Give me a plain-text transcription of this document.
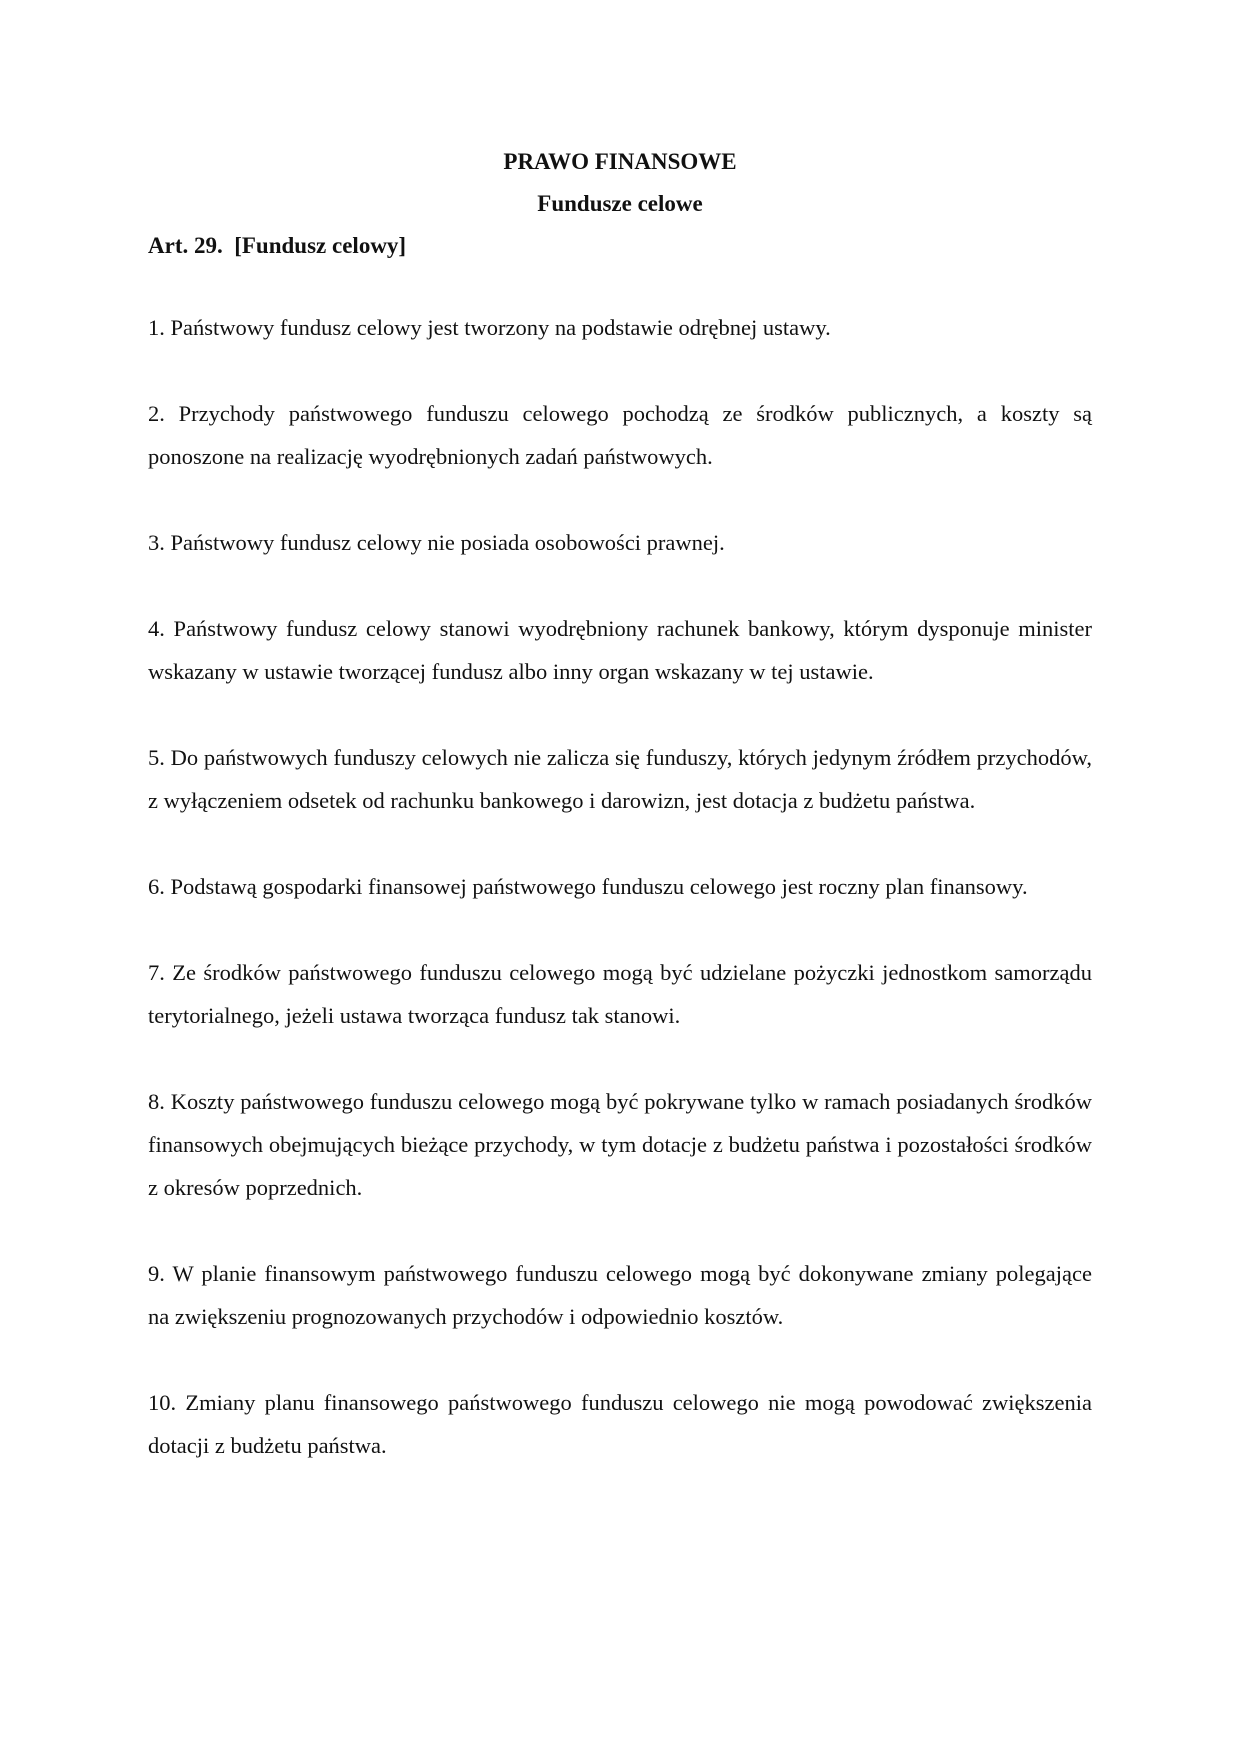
PRAWO FINANSOWE
Fundusze celowe
Art. 29.  [Fundusz celowy]

1. Państwowy fundusz celowy jest tworzony na podstawie odrębnej ustawy.

2. Przychody państwowego funduszu celowego pochodzą ze środków publicznych, a koszty są ponoszone na realizację wyodrębnionych zadań państwowych.

3. Państwowy fundusz celowy nie posiada osobowości prawnej.

4. Państwowy fundusz celowy stanowi wyodrębniony rachunek bankowy, którym dysponuje minister wskazany w ustawie tworzącej fundusz albo inny organ wskazany w tej ustawie.

5. Do państwowych funduszy celowych nie zalicza się funduszy, których jedynym źródłem przychodów, z wyłączeniem odsetek od rachunku bankowego i darowizn, jest dotacja z budżetu państwa.

6. Podstawą gospodarki finansowej państwowego funduszu celowego jest roczny plan finansowy.

7. Ze środków państwowego funduszu celowego mogą być udzielane pożyczki jednostkom samorządu terytorialnego, jeżeli ustawa tworząca fundusz tak stanowi.

8. Koszty państwowego funduszu celowego mogą być pokrywane tylko w ramach posiadanych środków finansowych obejmujących bieżące przychody, w tym dotacje z budżetu państwa i pozostałości środków z okresów poprzednich.

9. W planie finansowym państwowego funduszu celowego mogą być dokonywane zmiany polegające na zwiększeniu prognozowanych przychodów i odpowiednio kosztów.

10. Zmiany planu finansowego państwowego funduszu celowego nie mogą powodować zwiększenia dotacji z budżetu państwa.
